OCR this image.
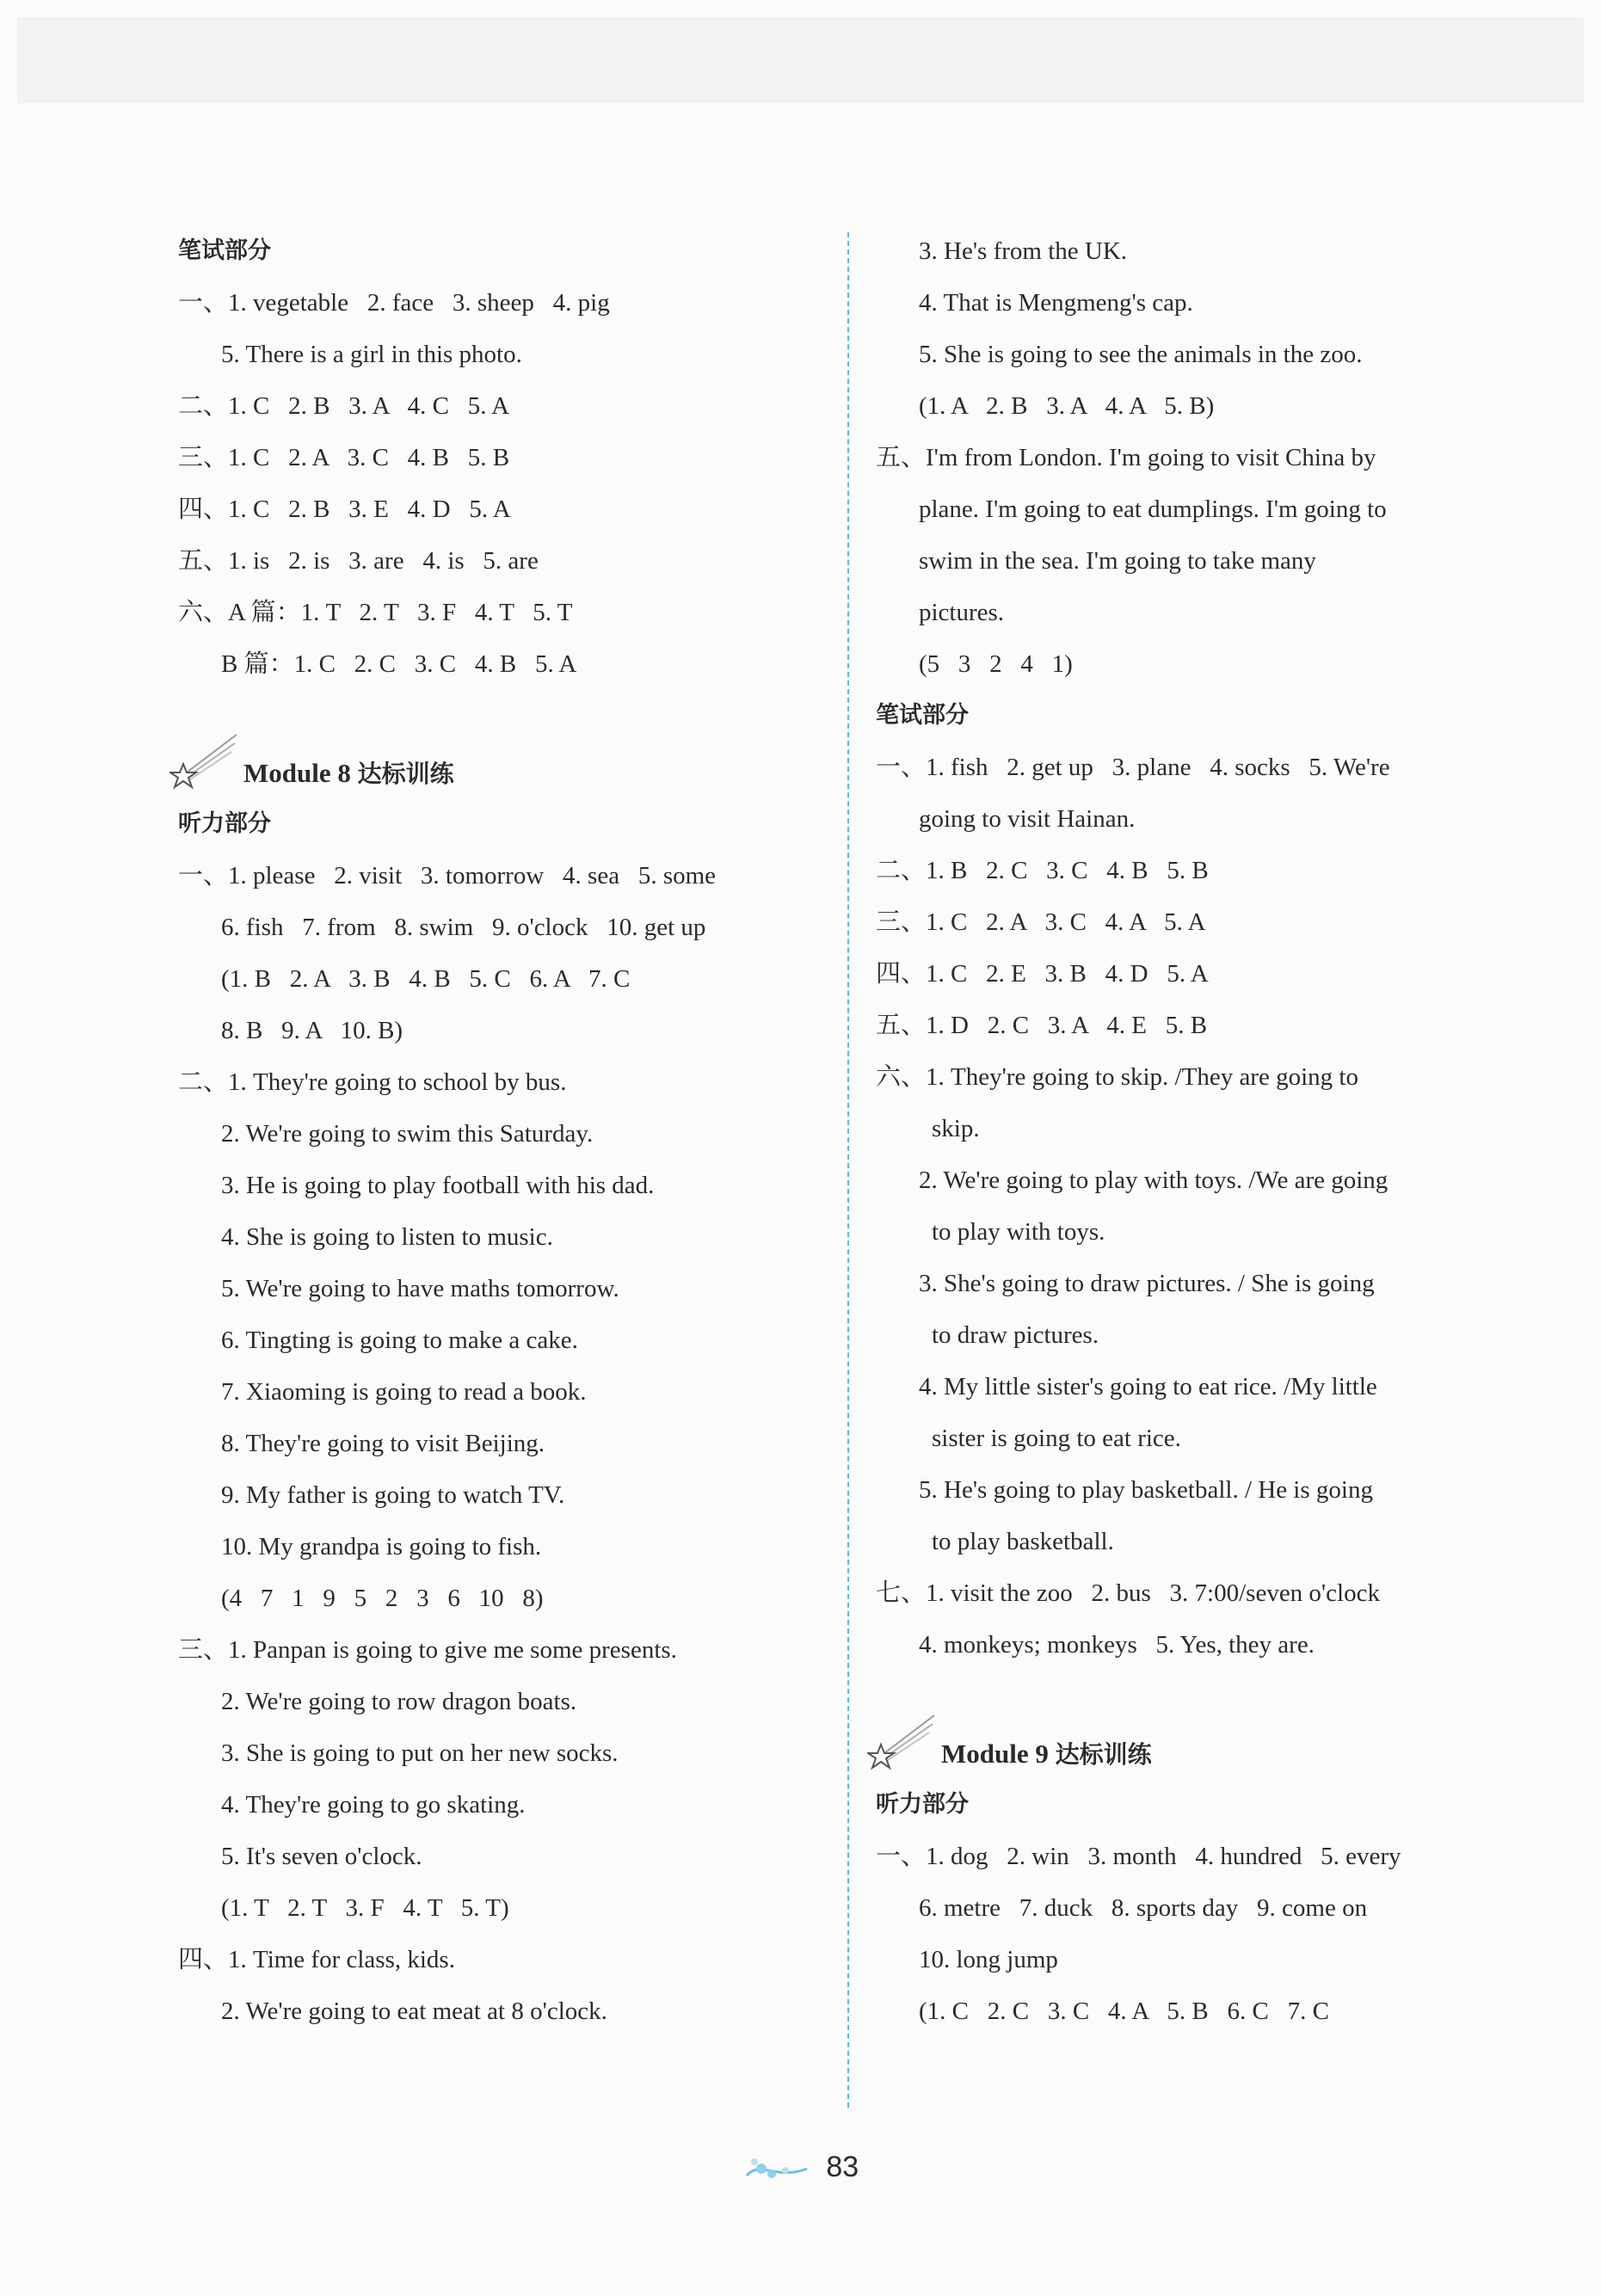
笔试部分
一、1. vegetable   2. face   3. sheep   4. pig
5. There is a girl in this photo.
二、1. C   2. B   3. A   4. C   5. A
三、1. C   2. A   3. C   4. B   5. B
四、1. C   2. B   3. E   4. D   5. A
五、1. is   2. is   3. are   4. is   5. are
六、A 篇：1. T   2. T   3. F   4. T   5. T
B 篇：1. C   2. C   3. C   4. B   5. A
Module 8 达标训练
听力部分
一、1. please   2. visit   3. tomorrow   4. sea   5. some
6. fish   7. from   8. swim   9. o'clock   10. get up
(1. B   2. A   3. B   4. B   5. C   6. A   7. C
8. B   9. A   10. B)
二、1. They're going to school by bus.
2. We're going to swim this Saturday.
3. He is going to play football with his dad.
4. She is going to listen to music.
5. We're going to have maths tomorrow.
6. Tingting is going to make a cake.
7. Xiaoming is going to read a book.
8. They're going to visit Beijing.
9. My father is going to watch TV.
10. My grandpa is going to fish.
(4   7   1   9   5   2   3   6   10   8)
三、1. Panpan is going to give me some presents.
2. We're going to row dragon boats.
3. She is going to put on her new socks.
4. They're going to go skating.
5. It's seven o'clock.
(1. T   2. T   3. F   4. T   5. T)
四、1. Time for class, kids.
2. We're going to eat meat at 8 o'clock.
3. He's from the UK.
4. That is Mengmeng's cap.
5. She is going to see the animals in the zoo.
(1. A   2. B   3. A   4. A   5. B)
五、I'm from London. I'm going to visit China by
plane. I'm going to eat dumplings. I'm going to
swim in the sea. I'm going to take many
pictures.
(5   3   2   4   1)
笔试部分
一、1. fish   2. get up   3. plane   4. socks   5. We're
going to visit Hainan.
二、1. B   2. C   3. C   4. B   5. B
三、1. C   2. A   3. C   4. A   5. A
四、1. C   2. E   3. B   4. D   5. A
五、1. D   2. C   3. A   4. E   5. B
六、1. They're going to skip. /They are going to
skip.
2. We're going to play with toys. /We are going
to play with toys.
3. She's going to draw pictures. / She is going
to draw pictures.
4. My little sister's going to eat rice. /My little
sister is going to eat rice.
5. He's going to play basketball. / He is going
to play basketball.
七、1. visit the zoo   2. bus   3. 7:00/seven o'clock
4. monkeys; monkeys   5. Yes, they are.
Module 9 达标训练
听力部分
一、1. dog   2. win   3. month   4. hundred   5. every
6. metre   7. duck   8. sports day   9. come on
10. long jump
(1. C   2. C   3. C   4. A   5. B   6. C   7. C
83
